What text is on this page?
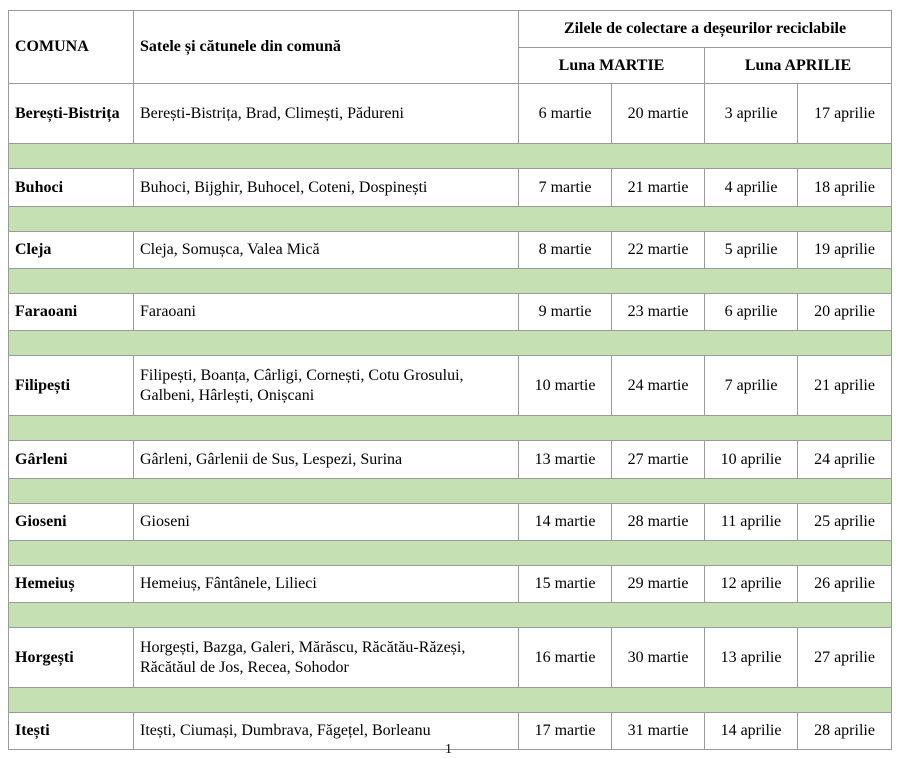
COMUNA	Satele și cătunele din comună	Zilele de colectare a deșeurilor reciclabile			
		Luna MARTIE		Luna APRILIE	
Berești-Bistrița	Berești-Bistrița, Brad, Climești, Pădureni	6 martie	20 martie	3 aprilie	17 aprilie

Buhoci	Buhoci, Bijghir, Buhocel, Coteni, Dospinești	7 martie	21 martie	4 aprilie	18 aprilie

Cleja	Cleja, Somușca, Valea Mică	8 martie	22 martie	5 aprilie	19 aprilie

Faraoani	Faraoani	9 martie	23 martie	6 aprilie	20 aprilie

Filipești	Filipești, Boanța, Cârligi, Cornești, Cotu Grosului, Galbeni, Hârlești, Onișcani	10 martie	24 martie	7 aprilie	21 aprilie

Gârleni	Gârleni, Gârlenii de Sus, Lespezi, Surina	13 martie	27 martie	10 aprilie	24 aprilie

Gioseni	Gioseni	14 martie	28 martie	11 aprilie	25 aprilie

Hemeiuș	Hemeiuș, Fântânele, Lilieci	15 martie	29 martie	12 aprilie	26 aprilie

Horgești	Horgești, Bazga, Galeri, Mărăscu, Răcătău-Răzeși, Răcătăul de Jos, Recea, Sohodor	16 martie	30 martie	13 aprilie	27 aprilie

Itești	Itești, Ciumași, Dumbrava, Făgețel, Borleanu	17 martie	31 martie	14 aprilie	28 aprilie
1
